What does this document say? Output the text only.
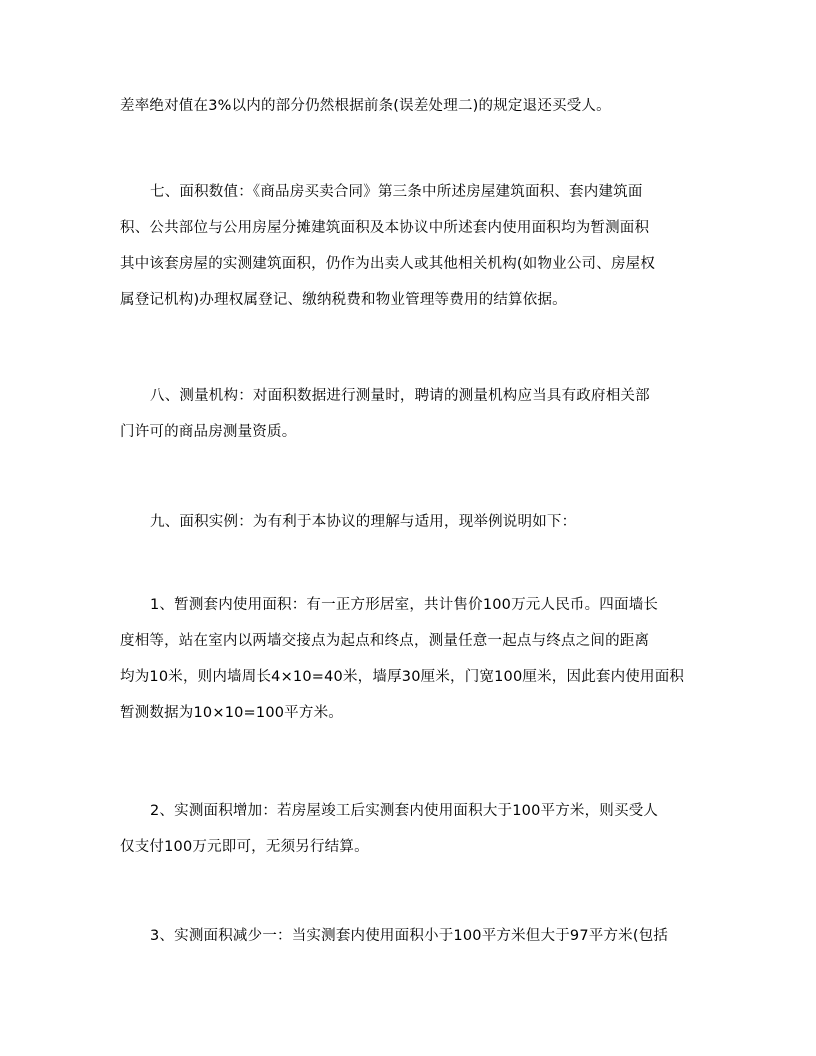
差率绝对值在3%以内的部分仍然根据前条(误差处理二)的规定退还买受人。
七、面积数值：《商品房买卖合同》第三条中所述房屋建筑面积、套内建筑面
积、公共部位与公用房屋分摊建筑面积及本协议中所述套内使用面积均为暂测面积
其中该套房屋的实测建筑面积，仍作为出卖人或其他相关机构(如物业公司、房屋权
属登记机构)办理权属登记、缴纳税费和物业管理等费用的结算依据。
八、测量机构：对面积数据进行测量时，聘请的测量机构应当具有政府相关部
门许可的商品房测量资质。
九、面积实例：为有利于本协议的理解与适用，现举例说明如下：
1、暂测套内使用面积：有一正方形居室，共计售价100万元人民币。四面墙长
度相等，站在室内以两墙交接点为起点和终点，测量任意一起点与终点之间的距离
均为10米，则内墙周长4×10=40米，墙厚30厘米，门宽100厘米，因此套内使用面积
暂测数据为10×10=100平方米。
2、实测面积增加：若房屋竣工后实测套内使用面积大于100平方米，则买受人
仅支付100万元即可，无须另行结算。
3、实测面积减少一：当实测套内使用面积小于100平方米但大于97平方米(包括
